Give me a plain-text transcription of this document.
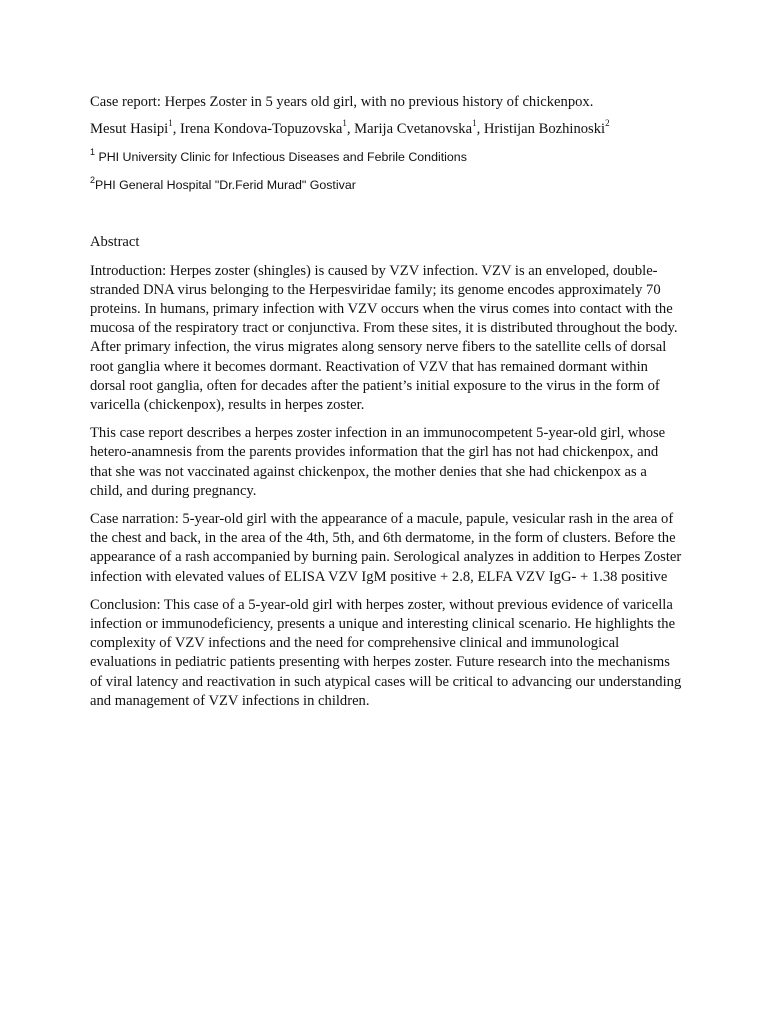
Case report: Herpes Zoster in 5 years old girl, with no previous history of chickenpox.

Mesut Hasipi$^1$, Irena Kondova-Topuzovska$^1$, Marija Cvetanovska$^1$, Hristijan Bozhinoski$^2$

$^1$ PHI University Clinic for Infectious Diseases and Febrile Conditions

$^2$PHI General Hospital "Dr.Ferid Murad" Gostivar

Abstract

Introduction: Herpes zoster (shingles) is caused by VZV infection. VZV is an enveloped, double-stranded DNA virus belonging to the Herpesviridae family; its genome encodes approximately 70 proteins. In humans, primary infection with VZV occurs when the virus comes into contact with the mucosa of the respiratory tract or conjunctiva. From these sites, it is distributed throughout the body. After primary infection, the virus migrates along sensory nerve fibers to the satellite cells of dorsal root ganglia where it becomes dormant. Reactivation of VZV that has remained dormant within dorsal root ganglia, often for decades after the patient’s initial exposure to the virus in the form of varicella (chickenpox), results in herpes zoster.

This case report describes a herpes zoster infection in an immunocompetent 5-year-old girl, whose hetero-anamnesis from the parents provides information that the girl has not had chickenpox, and that she was not vaccinated against chickenpox, the mother denies that she had chickenpox as a child, and during pregnancy.

Case narration: 5-year-old girl with the appearance of a macule, papule, vesicular rash in the area of the chest and back, in the area of the 4th, 5th, and 6th dermatome, in the form of clusters. Before the appearance of a rash accompanied by burning pain. Serological analyzes in addition to Herpes Zoster infection with elevated values of ELISA VZV IgM positive + 2.8, ELFA VZV IgG- + 1.38 positive

Conclusion: This case of a 5-year-old girl with herpes zoster, without previous evidence of varicella infection or immunodeficiency, presents a unique and interesting clinical scenario. He highlights the complexity of VZV infections and the need for comprehensive clinical and immunological evaluations in pediatric patients presenting with herpes zoster. Future research into the mechanisms of viral latency and reactivation in such atypical cases will be critical to advancing our understanding and management of VZV infections in children.
